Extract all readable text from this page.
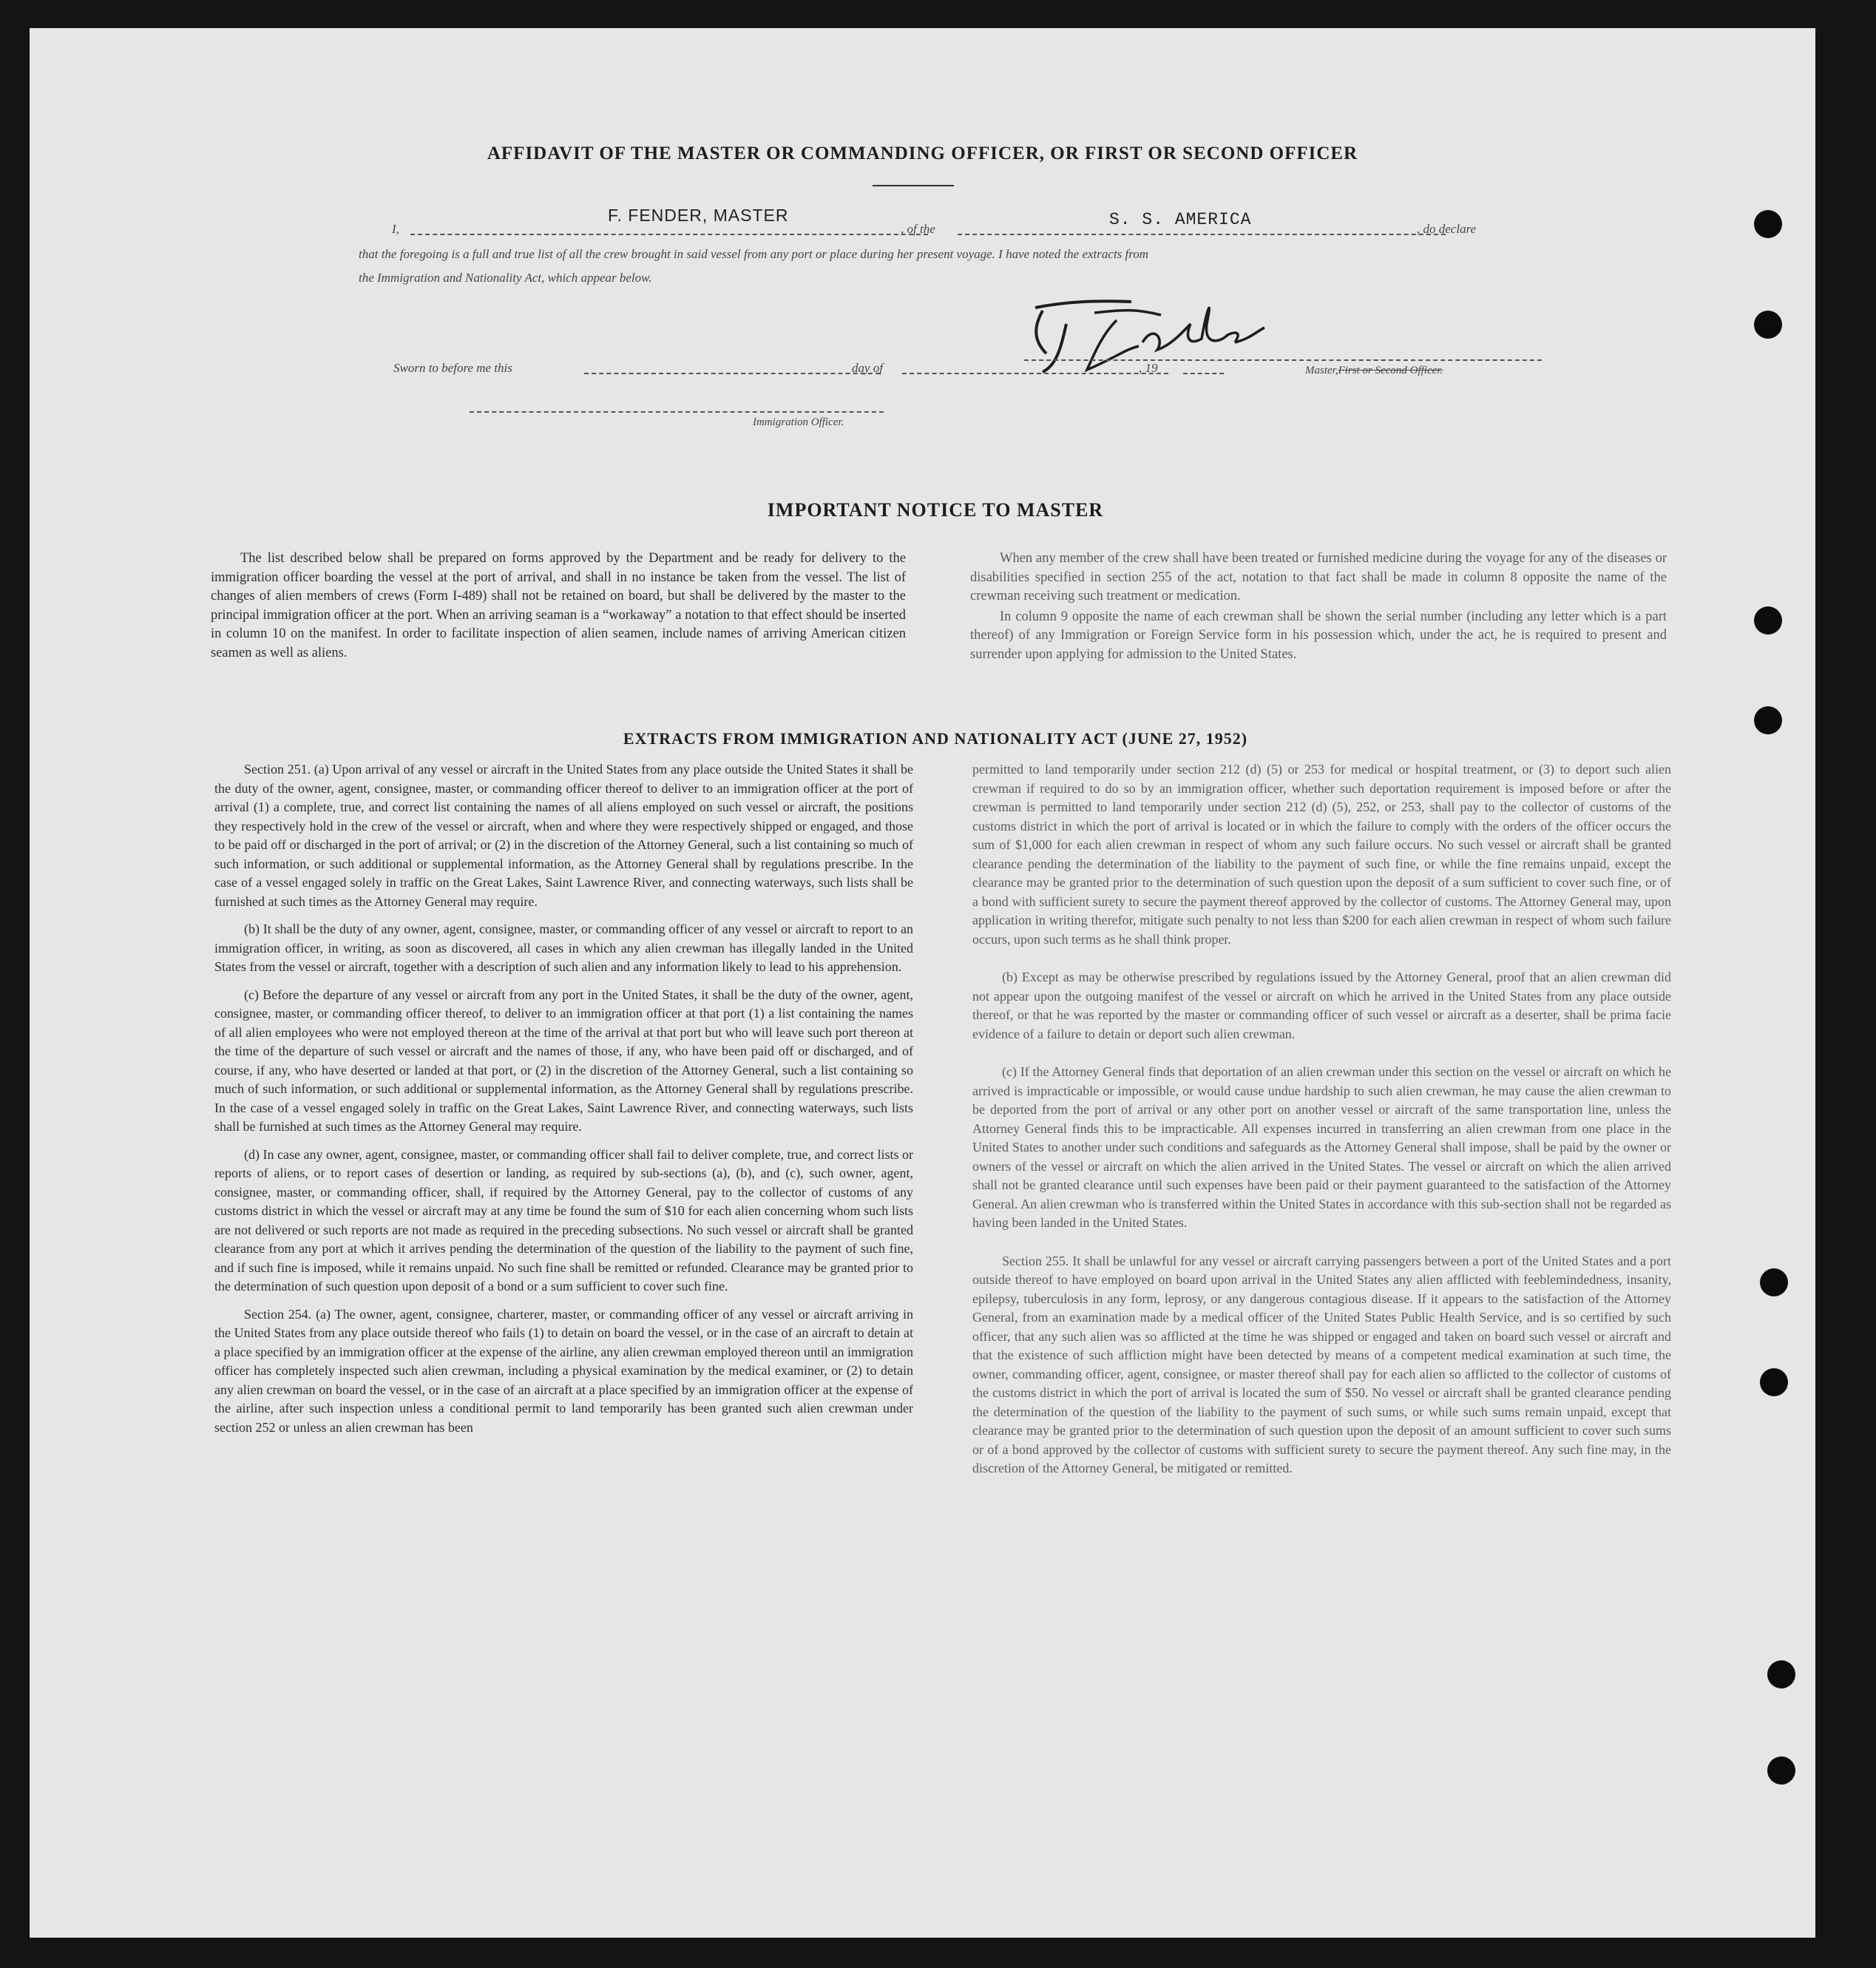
AFFIDAVIT OF THE MASTER OR COMMANDING OFFICER, OR FIRST OR SECOND OFFICER
I,
F. FENDER, MASTER
, of the	S. S. AMERICA	, do declare
that the foregoing is a full and true list of all the crew brought in said vessel from any port or place during her present voyage. I have noted the extracts from
the Immigration and Nationality Act, which appear below.
Master,First or Second Officer.
Sworn to before me this	day of	, 19
Immigration Officer.
IMPORTANT NOTICE TO MASTER

The list described below shall be prepared on forms approved by the Department and be ready for delivery to the immigration officer boarding the vessel at the port of arrival, and shall in no instance be taken from the vessel. The list of changes of alien members of crews (Form I-489) shall not be retained on board, but shall be delivered by the master to the principal immigration officer at the port. When an arriving seaman is a “workaway” a notation to that effect should be inserted in column 10 on the manifest. In order to facilitate inspection of alien seamen, include names of arriving American citizen seamen as well as aliens.

When any member of the crew shall have been treated or furnished medicine during the voyage for any of the diseases or disabilities specified in section 255 of the act, notation to that fact shall be made in column 8 opposite the name of the crewman receiving such treatment or medication.

In column 9 opposite the name of each crewman shall be shown the serial number (including any letter which is a part thereof) of any Immigration or Foreign Service form in his possession which, under the act, he is required to present and surrender upon applying for admission to the United States.

EXTRACTS FROM IMMIGRATION AND NATIONALITY ACT (JUNE 27, 1952)

Section 251. (a) Upon arrival of any vessel or aircraft in the United States from any place outside the United States it shall be the duty of the owner, agent, consignee, master, or commanding officer thereof to deliver to an immigration officer at the port of arrival (1) a complete, true, and correct list containing the names of all aliens employed on such vessel or aircraft, the positions they respectively hold in the crew of the vessel or aircraft, when and where they were respectively shipped or engaged, and those to be paid off or discharged in the port of arrival; or (2) in the discretion of the Attorney General, such a list containing so much of such information, or such additional or supplemental information, as the Attorney General shall by regulations prescribe. In the case of a vessel engaged solely in traffic on the Great Lakes, Saint Lawrence River, and connecting waterways, such lists shall be furnished at such times as the Attorney General may require.

(b) It shall be the duty of any owner, agent, consignee, master, or commanding officer of any vessel or aircraft to report to an immigration officer, in writing, as soon as discovered, all cases in which any alien crewman has illegally landed in the United States from the vessel or aircraft, together with a description of such alien and any information likely to lead to his apprehension.

(c) Before the departure of any vessel or aircraft from any port in the United States, it shall be the duty of the owner, agent, consignee, master, or commanding officer thereof, to deliver to an immigration officer at that port (1) a list containing the names of all alien employees who were not employed thereon at the time of the arrival at that port but who will leave such port thereon at the time of the departure of such vessel or aircraft and the names of those, if any, who have been paid off or discharged, and of course, if any, who have deserted or landed at that port, or (2) in the discretion of the Attorney General, such a list containing so much of such information, or such additional or supplemental information, as the Attorney General shall by regulations prescribe. In the case of a vessel engaged solely in traffic on the Great Lakes, Saint Lawrence River, and connecting waterways, such lists shall be furnished at such times as the Attorney General may require.

(d) In case any owner, agent, consignee, master, or commanding officer shall fail to deliver complete, true, and correct lists or reports of aliens, or to report cases of desertion or landing, as required by sub-sections (a), (b), and (c), such owner, agent, consignee, master, or commanding officer, shall, if required by the Attorney General, pay to the collector of customs of any customs district in which the vessel or aircraft may at any time be found the sum of $10 for each alien concerning whom such lists are not delivered or such reports are not made as required in the preceding subsections. No such vessel or aircraft shall be granted clearance from any port at which it arrives pending the determination of the question of the liability to the payment of such fine, and if such fine is imposed, while it remains unpaid. No such fine shall be remitted or refunded. Clearance may be granted prior to the determination of such question upon deposit of a bond or a sum sufficient to cover such fine.

Section 254. (a) The owner, agent, consignee, charterer, master, or commanding officer of any vessel or aircraft arriving in the United States from any place outside thereof who fails (1) to detain on board the vessel, or in the case of an aircraft to detain at a place specified by an immigration officer at the expense of the airline, any alien crewman employed thereon until an immigration officer has completely inspected such alien crewman, including a physical examination by the medical examiner, or (2) to detain any alien crewman on board the vessel, or in the case of an aircraft at a place specified by an immigration officer at the expense of the airline, after such inspection unless a conditional permit to land temporarily has been granted such alien crewman under section 252 or unless an alien crewman has been

permitted to land temporarily under section 212 (d) (5) or 253 for medical or hospital treatment, or (3) to deport such alien crewman if required to do so by an immigration officer, whether such deportation requirement is imposed before or after the crewman is permitted to land temporarily under section 212 (d) (5), 252, or 253, shall pay to the collector of customs of the customs district in which the port of arrival is located or in which the failure to comply with the orders of the officer occurs the sum of $1,000 for each alien crewman in respect of whom any such failure occurs. No such vessel or aircraft shall be granted clearance pending the determination of the liability to the payment of such fine, or while the fine remains unpaid, except the clearance may be granted prior to the determination of such question upon the deposit of a sum sufficient to cover such fine, or of a bond with sufficient surety to secure the payment thereof approved by the collector of customs. The Attorney General may, upon application in writing therefor, mitigate such penalty to not less than $200 for each alien crewman in respect of whom such failure occurs, upon such terms as he shall think proper.

(b) Except as may be otherwise prescribed by regulations issued by the Attorney General, proof that an alien crewman did not appear upon the outgoing manifest of the vessel or aircraft on which he arrived in the United States from any place outside thereof, or that he was reported by the master or commanding officer of such vessel or aircraft as a deserter, shall be prima facie evidence of a failure to detain or deport such alien crewman.

(c) If the Attorney General finds that deportation of an alien crewman under this section on the vessel or aircraft on which he arrived is impracticable or impossible, or would cause undue hardship to such alien crewman, he may cause the alien crewman to be deported from the port of arrival or any other port on another vessel or aircraft of the same transportation line, unless the Attorney General finds this to be impracticable. All expenses incurred in transferring an alien crewman from one place in the United States to another under such conditions and safeguards as the Attorney General shall impose, shall be paid by the owner or owners of the vessel or aircraft on which the alien arrived in the United States. The vessel or aircraft on which the alien arrived shall not be granted clearance until such expenses have been paid or their payment guaranteed to the satisfaction of the Attorney General. An alien crewman who is transferred within the United States in accordance with this sub-section shall not be regarded as having been landed in the United States.

Section 255. It shall be unlawful for any vessel or aircraft carrying passengers between a port of the United States and a port outside thereof to have employed on board upon arrival in the United States any alien afflicted with feeblemindedness, insanity, epilepsy, tuberculosis in any form, leprosy, or any dangerous contagious disease. If it appears to the satisfaction of the Attorney General, from an examination made by a medical officer of the United States Public Health Service, and is so certified by such officer, that any such alien was so afflicted at the time he was shipped or engaged and taken on board such vessel or aircraft and that the existence of such affliction might have been detected by means of a competent medical examination at such time, the owner, commanding officer, agent, consignee, or master thereof shall pay for each alien so afflicted to the collector of customs of the customs district in which the port of arrival is located the sum of $50. No vessel or aircraft shall be granted clearance pending the determination of the question of the liability to the payment of such sums, or while such sums remain unpaid, except that clearance may be granted prior to the determination of such question upon the deposit of an amount sufficient to cover such sums or of a bond approved by the collector of customs with sufficient surety to secure the payment thereof. Any such fine may, in the discretion of the Attorney General, be mitigated or remitted.
